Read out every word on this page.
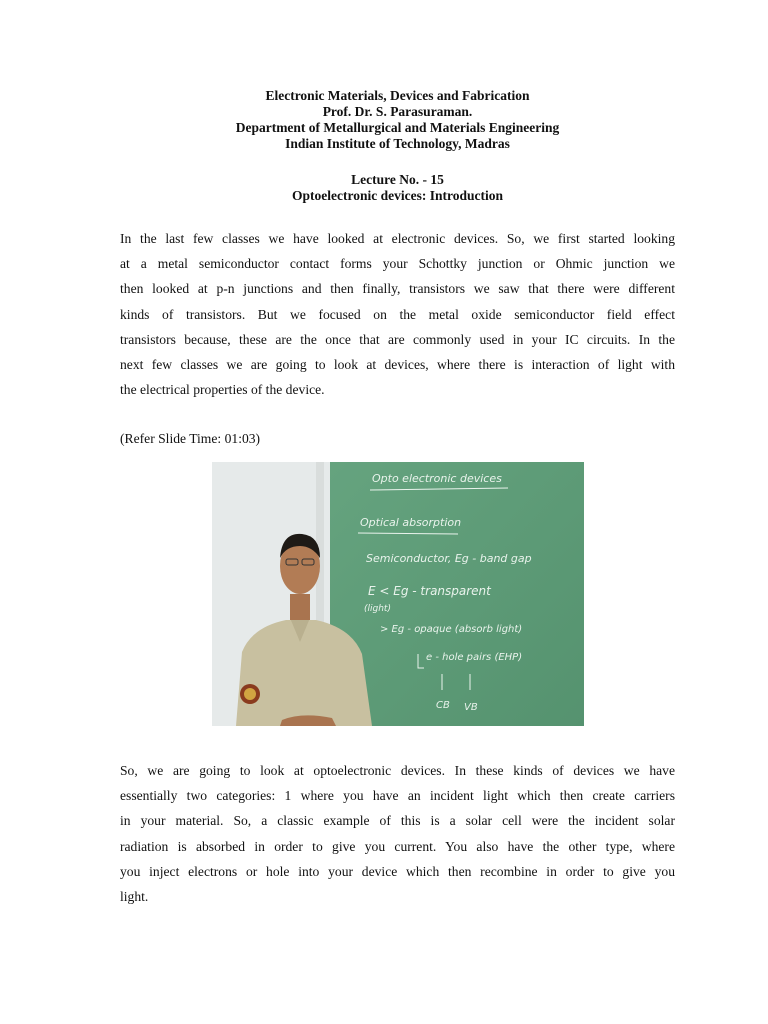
Electronic Materials, Devices and Fabrication
Prof. Dr. S. Parasuraman.
Department of Metallurgical and Materials Engineering
Indian Institute of Technology, Madras
Lecture No. - 15
Optoelectronic devices: Introduction
In the last few classes we have looked at electronic devices. So, we first started looking
at a metal semiconductor contact forms your Schottky junction or Ohmic junction we
then looked at p-n junctions and then finally, transistors we saw that there were different
kinds of transistors. But we focused on the metal oxide semiconductor field effect
transistors because, these are the once that are commonly used in your IC circuits. In the
next few classes we are going to look at devices, where there is interaction of light with
the electrical properties of the device.
(Refer Slide Time: 01:03)
Opto electronic devices
Optical absorption
Semiconductor, Eg - band gap
E < Eg - transparent
(light)
> Eg - opaque (absorb light)
e - hole pairs (EHP)
CB VB
So, we are going to look at optoelectronic devices. In these kinds of devices we have
essentially two categories: 1 where you have an incident light which then create carriers
in your material. So, a classic example of this is a solar cell were the incident solar
radiation is absorbed in order to give you current. You also have the other type, where
you inject electrons or hole into your device which then recombine in order to give you
light.
